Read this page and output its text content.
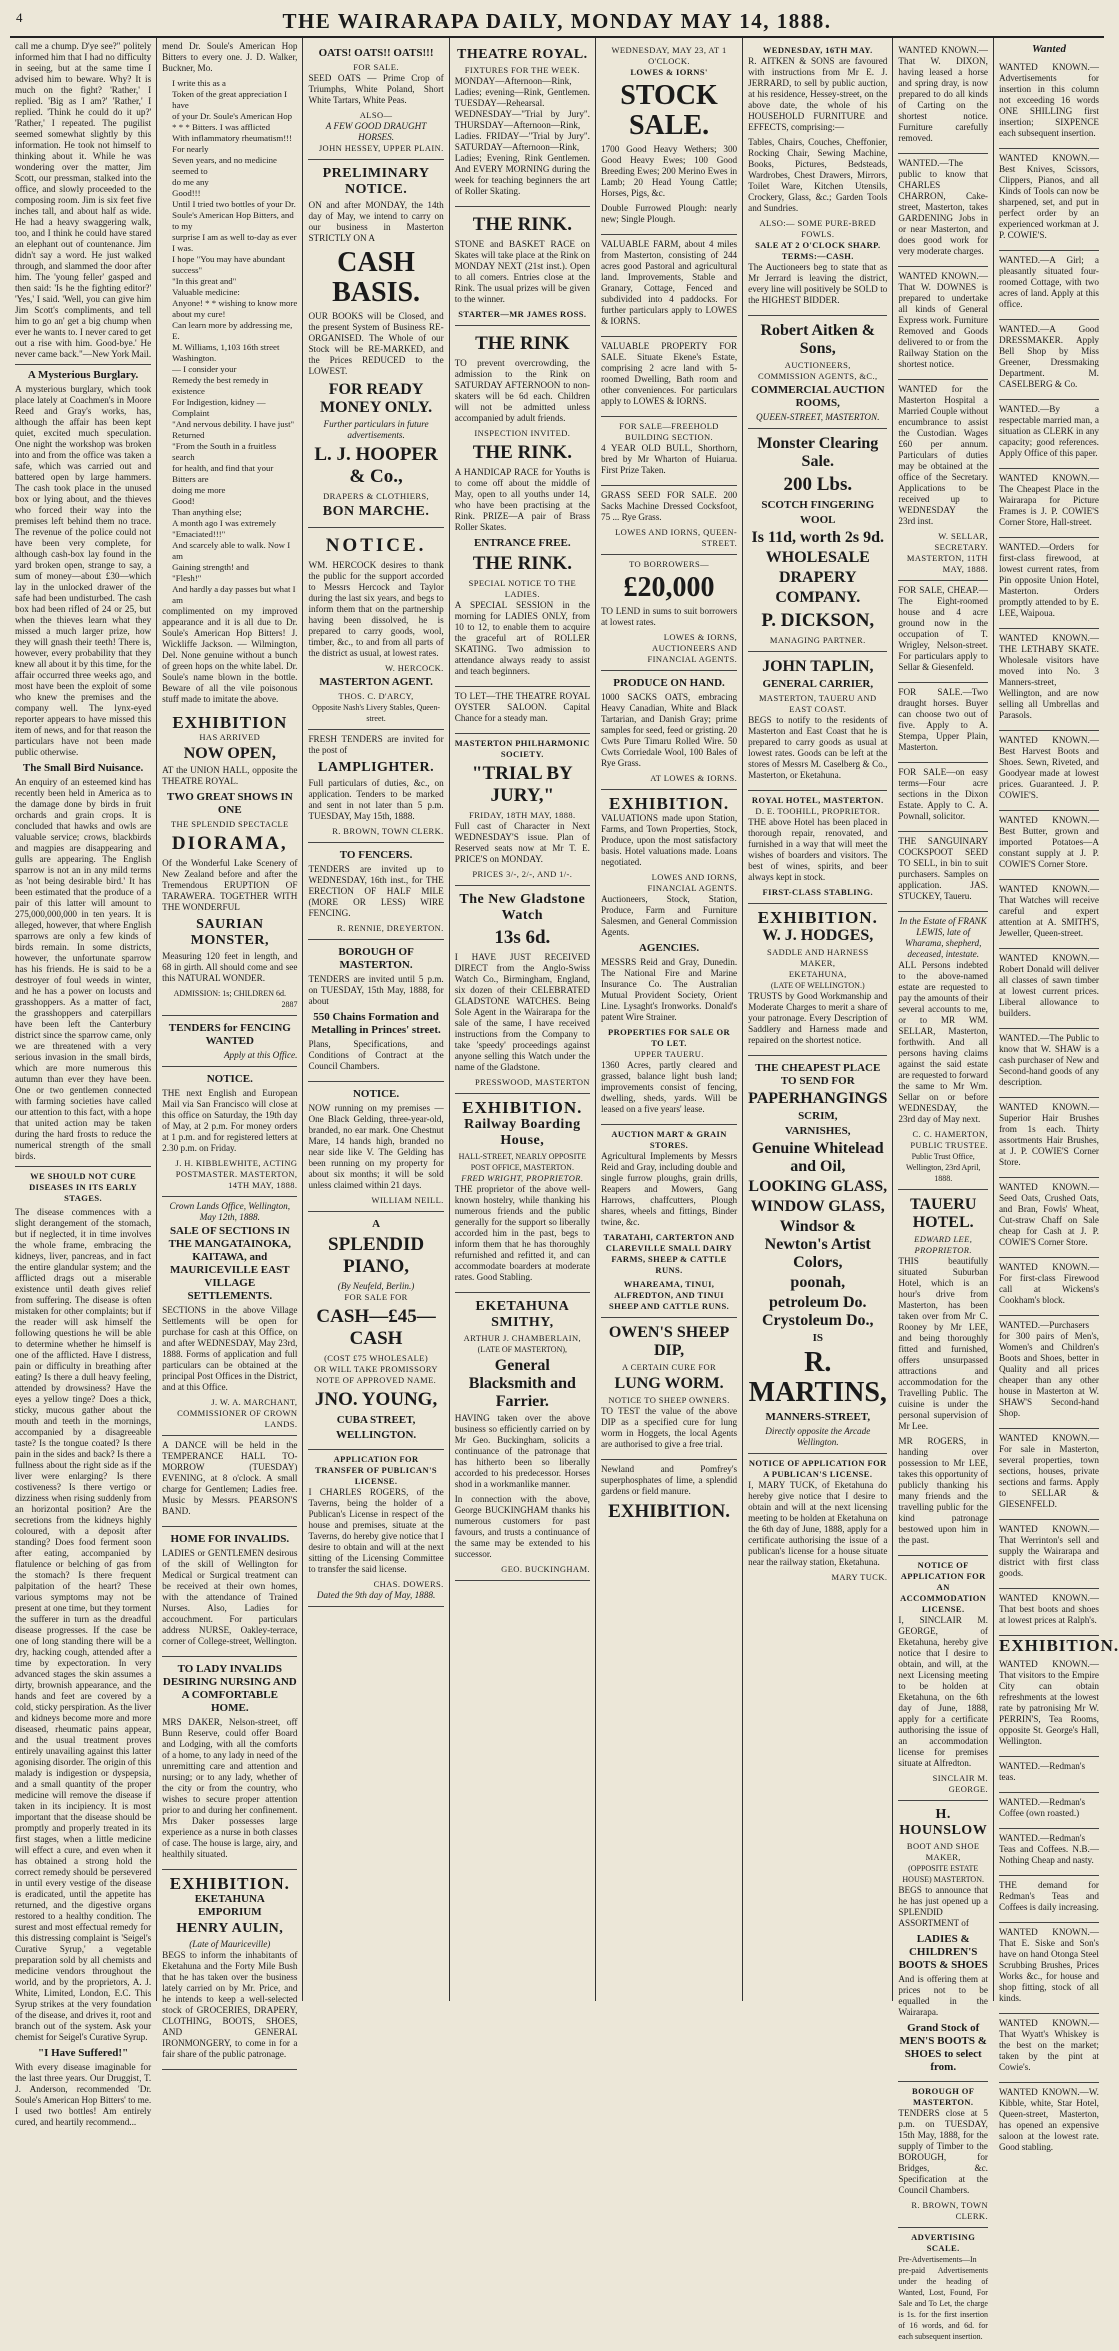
4	THE WAIRARAPA DAILY, MONDAY MAY 14, 1888.

call me a chump. D'ye see?" politely informed him that I had no difficulty in seeing, but at the same time I advised him to beware. Why? It is much on the fight? 'Rather,' I replied. 'Big as I am?' 'Rather,' I replied. 'Think he could do it up?' 'Rather,' I repeated. The pugilist seemed somewhat slightly by this information. He took not himself to thinking about it. While he was wondering over the matter, Jim Scott, our pressman, stalked into the office, and slowly proceeded to the composing room. Jim is six feet five inches tall, and about half as wide. He had a heavy swaggering walk, too, and I think he could have stared an elephant out of countenance. Jim didn't say a word. He just walked through, and slammed the door after him. The 'young feller' gasped and then said: 'Is he the fighting editor?' 'Yes,' I said. 'Well, you can give him Jim Scott's compliments, and tell him to go an' get a big chump when ever he wants to. I never cared to get out a rise with him. Good-bye.' He never came back."—New York Mail.

A Mysterious Burglary.

A mysterious burglary, which took place lately at Coachmen's in Moore Reed and Gray's works, has, although the affair has been kept quiet, excited much speculation. One night the workshop was broken into and from the office was taken a safe, which was carried out and battered open by large hammers. The cash took place in the unused box or lying about, and the thieves who forced their way into the premises left behind them no trace. The revenue of the police could not have been very complete, for although cash-box lay found in the yard broken open, strange to say, a sum of money—about £30—which lay in the unlocked drawer of the safe had been undisturbed. The cash box had been rifled of 24 or 25, but when the thieves learn what they missed a much larger prize, how they will gnash their teeth! There is, however, every probability that they knew all about it by this time, for the affair occurred three weeks ago, and most have been the exploit of some who knew the premises and the company well. The lynx-eyed reporter appears to have missed this item of news, and for that reason the particulars have not been made public otherwise.

The Small Bird Nuisance.

An enquiry of an esteemed kind has recently been held in America as to the damage done by birds in fruit orchards and grain crops. It is concluded that hawks and owls are valuable service; crows, blackbirds and magpies are disappearing and gulls are appearing. The English sparrow is not an in any mild terms as 'not being desirable bird.' It has been estimated that the produce of a pair of this latter will amount to 275,000,000,000 in ten years. It is alleged, however, that where English sparrows are only a few kinds of birds remain. In some districts, however, the unfortunate sparrow has his friends. He is said to be a destroyer of foul weeds in winter, and he has a power on locusts and grasshoppers. As a matter of fact, the grasshoppers and caterpillars have been left the Canterbury district since the sparrow came, only we are threatened with a very serious invasion in the small birds, which are more numerous this autumn than ever they have been. One or two gentlemen connected with farming societies have called our attention to this fact, with a hope that united action may be taken during the hard frosts to reduce the numerical strength of the small birds.

WE SHOULD NOT CURE DISEASES IN ITS EARLY STAGES.

The disease commences with a slight derangement of the stomach, but if neglected, it in time involves the whole frame, embracing the kidneys, liver, pancreas, and in fact the entire glandular system; and the afflicted drags out a miserable existence until death gives relief from suffering. The disease is often mistaken for other complaints; but if the reader will ask himself the following questions he will be able to determine whether he himself is one of the afflicted. Have I distress, pain or difficulty in breathing after eating? Is there a dull heavy feeling, attended by drowsiness? Have the eyes a yellow tinge? Does a thick, sticky, mucous gather about the mouth and teeth in the mornings, accompanied by a disagreeable taste? Is the tongue coated? Is there pain in the sides and back? Is there a fullness about the right side as if the liver were enlarging? Is there costiveness? Is there vertigo or dizziness when rising suddenly from an horizontal position? Are the secretions from the kidneys highly coloured, with a deposit after standing? Does food ferment soon after eating, accompanied by flatulence or belching of gas from the stomach? Is there frequent palpitation of the heart? These various symptoms may not be present at one time, but they torment the sufferer in turn as the dreadful disease progresses. If the case be one of long standing there will be a dry, hacking cough, attended after a time by expectoration. In very advanced stages the skin assumes a dirty, brownish appearance, and the hands and feet are covered by a cold, sticky perspiration. As the liver and kidneys become more and more diseased, rheumatic pains appear, and the usual treatment proves entirely unavailing against this latter agonising disorder. The origin of this malady is indigestion or dyspepsia, and a small quantity of the proper medicine will remove the disease if taken in its incipiency. It is most important that the disease should be promptly and properly treated in its first stages, when a little medicine will effect a cure, and even when it has obtained a strong hold the correct remedy should be persevered in until every vestige of the disease is eradicated, until the appetite has returned, and the digestive organs restored to a healthy condition. The surest and most effectual remedy for this distressing complaint is 'Seigel's Curative Syrup,' a vegetable preparation sold by all chemists and medicine vendors throughout the world, and by the proprietors, A. J. White, Limited, London, E.C. This Syrup strikes at the very foundation of the disease, and drives it, root and branch out of the system. Ask your chemist for Seigel's Curative Syrup.

"I Have Suffered!"

With every disease imaginable for the last three years. Our Druggist, T. J. Anderson, recommended 'Dr. Soule's American Hop Bitters' to me. I used two bottles! Am entirely cured, and heartily recommend...

mend Dr. Soule's American Hop Bitters to every one. J. D. Walker, Buckner, Mo.

I write this as a
Token of the great appreciation I have
of your Dr. Soule's American Hop
* * * Bitters. I was afflicted
With inflammatory rheumatism!!!
For nearly
Seven years, and no medicine seemed to
do me any
Good!!!
Until I tried two bottles of your Dr.
Soule's American Hop Bitters, and to my
surprise I am as well to-day as ever I was.
I hope "You may have abundant success"
"In this great and"
Valuable medicine:
Anyone! * * wishing to know more
about my cure!
Can learn more by addressing me, E.
M. Williams, 1,103 16th street Washington.
— I consider your
Remedy the best remedy in existence
For Indigestion, kidney — Complaint
"And nervous debility. I have just"
Returned
"From the South in a fruitless search
for health, and find that your Bitters are
doing me more
Good!
Than anything else;
A month ago I was extremely
"Emaciated!!!"
And scarcely able to walk. Now I am
Gaining strength! and
"Flesh!"
And hardly a day passes but what I am

complimented on my improved appearance and it is all due to Dr. Soule's American Hop Bitters! J. Wickliffe Jackson. — Wilmington, Del. None genuine without a bunch of green hops on the white label. Dr. Soule's name blown in the bottle. Beware of all the vile poisonous stuff made to imitate the above.

EXHIBITION
HAS ARRIVED
NOW OPEN,

AT the UNION HALL, opposite the THEATRE ROYAL.

TWO GREAT SHOWS IN ONE
THE SPLENDID SPECTACLE
DIORAMA,

Of the Wonderful Lake Scenery of New Zealand before and after the Tremendous ERUPTION OF TARAWERA. TOGETHER WITH THE WONDERFUL

SAURIAN MONSTER,

Measuring 120 feet in length, and 68 in girth. All should come and see this NATURAL WONDER.

ADMISSION: 1s; CHILDREN 6d.
2887
TENDERS for FENCING WANTED
Apply at this Office.
NOTICE.

THE next English and European Mail via San Francisco will close at this office on Saturday, the 19th day of May, at 2 p.m. For money orders at 1 p.m. and for registered letters at 2.30 p.m. on Friday.

J. H. KIBBLEWHITE, ACTING POSTMASTER. MASTERTON, 14TH MAY, 1888.
Crown Lands Office, Wellington, May 12th, 1888.
SALE OF SECTIONS IN THE MANGATAINOKA, KAITAWA, and MAURICEVILLE EAST VILLAGE SETTLEMENTS.

SECTIONS in the above Village Settlements will be open for purchase for cash at this Office, on and after WEDNESDAY, May 23rd, 1888. Forms of application and full particulars can be obtained at the principal Post Offices in the District, and at this Office.

J. W. A. MARCHANT, COMMISSIONER OF CROWN LANDS.

A DANCE will be held in the TEMPERANCE HALL TO-MORROW (TUESDAY) EVENING, at 8 o'clock. A small charge for Gentlemen; Ladies free. Music by Messrs. PEARSON'S BAND.

HOME FOR INVALIDS.

LADIES or GENTLEMEN desirous of the skill of Wellington for Medical or Surgical treatment can be received at their own homes, with the attendance of Trained Nurses. Also, Ladies for accouchment. For particulars address NURSE, Oakley-terrace, corner of College-street, Wellington.

TO LADY INVALIDS DESIRING NURSING AND A COMFORTABLE HOME.

MRS DAKER, Nelson-street, off Bunn Reserve, could offer Board and Lodging, with all the comforts of a home, to any lady in need of the unremitting care and attention and nursing; or to any lady, whether of the city or from the country, who wishes to secure proper attention prior to and during her confinement. Mrs Daker possesses large experience as a nurse in both classes of case. The house is large, airy, and healthily situated.

EXHIBITION.
EKETAHUNA EMPORIUM
HENRY AULIN,
(Late of Mauriceville)

BEGS to inform the inhabitants of Eketahuna and the Forty Mile Bush that he has taken over the business lately carried on by Mr. Price, and he intends to keep a well-selected stock of GROCERIES, DRAPERY, CLOTHING, BOOTS, SHOES, AND GENERAL IRONMONGERY, to come in for a fair share of the public patronage.

OATS! OATS!! OATS!!!
FOR SALE.

SEED OATS — Prime Crop of Triumphs, White Poland, Short White Tartars, White Peas.

ALSO—
A FEW GOOD DRAUGHT HORSES.
JOHN HESSEY, UPPER PLAIN.
PRELIMINARY NOTICE.

ON and after MONDAY, the 14th day of May, we intend to carry on our business in Masterton STRICTLY ON A

CASH BASIS.

OUR BOOKS will be Closed, and the present System of Business RE-ORGANISED. The Whole of our Stock will be RE-MARKED, and the Prices REDUCED to the LOWEST.

FOR READY MONEY ONLY.
Further particulars in future advertisements.
L. J. HOOPER & Co.,
DRAPERS & CLOTHIERS,
BON MARCHE.
NOTICE.

WM. HERCOCK desires to thank the public for the support accorded to Messrs Hercock and Taylor during the last six years, and begs to inform them that on the partnership having been dissolved, he is prepared to carry goods, wool, timber, &c., to and from all parts of the district as usual, at lowest rates.

W. HERCOCK.
MASTERTON AGENT.
THOS. C. D'ARCY,
Opposite Nash's Livery Stables, Queen-street.

FRESH TENDERS are invited for the post of

LAMPLIGHTER.

Full particulars of duties, &c., on application. Tenders to be marked and sent in not later than 5 p.m. TUESDAY, May 15th, 1888.

R. BROWN, TOWN CLERK.
TO FENCERS.

TENDERS are invited up to WEDNESDAY, 16th inst., for THE ERECTION OF HALF MILE (MORE OR LESS) WIRE FENCING.

R. RENNIE, DREYERTON.
BOROUGH OF MASTERTON.

TENDERS are invited until 5 p.m. on TUESDAY, 15th May, 1888, for about

550 Chains Formation and Metalling in Princes' street.

Plans, Specifications, and Conditions of Contract at the Council Chambers.

NOTICE.

NOW running on my premises — One Black Gelding, three-year-old, branded, no ear mark. One Chestnut Mare, 14 hands high, branded no near side like V. The Gelding has been running on my property for about six months; it will be sold unless claimed within 21 days.

WILLIAM NEILL.
A
SPLENDID PIANO,
(By Neufeld, Berlin.)
FOR SALE FOR
CASH—£45—CASH
(COST £75 WHOLESALE)
OR WILL TAKE PROMISSORY NOTE OF APPROVED NAME.
JNO. YOUNG,
CUBA STREET,
WELLINGTON.
APPLICATION FOR TRANSFER OF PUBLICAN'S LICENSE.

I CHARLES ROGERS, of the Taverns, being the holder of a Publican's License in respect of the house and premises, situate at the Taverns, do hereby give notice that I desire to obtain and will at the next sitting of the Licensing Committee to transfer the said license.

CHAS. DOWERS.
Dated the 9th day of May, 1888.
THEATRE ROYAL.
FIXTURES FOR THE WEEK.

MONDAY—Afternoon—Rink, Ladies; evening—Rink, Gentlemen. TUESDAY—Rehearsal. WEDNESDAY—"Trial by Jury". THURSDAY—Afternoon—Rink, Ladies. FRIDAY—"Trial by Jury". SATURDAY—Afternoon—Rink, Ladies; Evening, Rink Gentlemen. And EVERY MORNING during the week for teaching beginners the art of Roller Skating.

THE RINK.

STONE and BASKET RACE on Skates will take place at the Rink on MONDAY NEXT (21st inst.). Open to all comers. Entries close at the Rink. The usual prizes will be given to the winner.

STARTER—MR JAMES ROSS.
THE RINK

TO prevent overcrowding, the admission to the Rink on SATURDAY AFTERNOON to non-skaters will be 6d each. Children will not be admitted unless accompanied by adult friends.

INSPECTION INVITED.
THE RINK.

A HANDICAP RACE for Youths is to come off about the middle of May, open to all youths under 14, who have been practising at the Rink. PRIZE—A pair of Brass Roller Skates.

ENTRANCE FREE.
THE RINK.
SPECIAL NOTICE TO THE LADIES.

A SPECIAL SESSION in the morning for LADIES ONLY, from 10 to 12, to enable them to acquire the graceful art of ROLLER SKATING. Two admission to attendance always ready to assist and teach beginners.

TO LET—THE THEATRE ROYAL OYSTER SALOON. Capital Chance for a steady man.

MASTERTON PHILHARMONIC SOCIETY.
"TRIAL BY JURY,"
FRIDAY, 18TH MAY, 1888.

Full cast of Character in Next WEDNESDAY'S issue. Plan of Reserved seats now at Mr T. E. PRICE'S on MONDAY.

PRICES 3/-, 2/-, AND 1/-.
The New Gladstone Watch
13s 6d.

I HAVE JUST RECEIVED DIRECT from the Anglo-Swiss Watch Co., Birmingham, England, six dozen of their CELEBRATED GLADSTONE WATCHES. Being Sole Agent in the Wairarapa for the sale of the same, I have received instructions from the Company to take 'speedy' proceedings against anyone selling this Watch under the name of the Gladstone.

PRESSWOOD, MASTERTON
EXHIBITION.
Railway Boarding House,
HALL-STREET, NEARLY OPPOSITE POST OFFICE, MASTERTON.
FRED WRIGHT, PROPRIETOR.

THE proprietor of the above well-known hostelry, while thanking his numerous friends and the public generally for the support so liberally accorded him in the past, begs to inform them that he has thoroughly refurnished and refitted it, and can accommodate boarders at moderate rates. Good Stabling.

EKETAHUNA SMITHY,
ARTHUR J. CHAMBERLAIN,
(LATE OF MASTERTON),
General Blacksmith and Farrier.

HAVING taken over the above business so efficiently carried on by Mr Geo. Buckingham, solicits a continuance of the patronage that has hitherto been so liberally accorded to his predecessor. Horses shod in a workmanlike manner.

In connection with the above, George BUCKINGHAM thanks his numerous customers for past favours, and trusts a continuance of the same may be extended to his successor.

GEO. BUCKINGHAM.
WEDNESDAY, MAY 23, AT 1 O'CLOCK.
LOWES & IORNS'
STOCK SALE.

1700 Good Heavy Wethers; 300 Good Heavy Ewes; 100 Good Breeding Ewes; 200 Merino Ewes in Lamb; 20 Head Young Cattle; Horses, Pigs, &c.

Double Furrowed Plough: nearly new; Single Plough.

VALUABLE FARM, about 4 miles from Masterton, consisting of 244 acres good Pastoral and agricultural land. Improvements, Stable and Granary, Cottage, Fenced and subdivided into 4 paddocks. For further particulars apply to LOWES & IORNS.

VALUABLE PROPERTY FOR SALE. Situate Ekene's Estate, comprising 2 acre land with 5-roomed Dwelling, Bath room and other conveniences. For particulars apply to LOWES & IORNS.

FOR SALE—FREEHOLD BUILDING SECTION.

4 YEAR OLD BULL, Shorthorn, bred by Mr Wharton of Huiarua. First Prize Taken.

GRASS SEED FOR SALE. 200 Sacks Machine Dressed Cocksfoot, 75 ... Rye Grass.

LOWES AND IORNS, QUEEN-STREET.
TO BORROWERS—
£20,000

TO LEND in sums to suit borrowers at lowest rates.

LOWES & IORNS, AUCTIONEERS AND FINANCIAL AGENTS.
PRODUCE ON HAND.

1000 SACKS OATS, embracing Heavy Canadian, White and Black Tartarian, and Danish Gray; prime samples for seed, feed or gristing. 20 Cwts Pure Timaru Rolled Wire. 50 Cwts Corriedale Wool, 100 Bales of Rye Grass.

AT LOWES & IORNS.
EXHIBITION.

VALUATIONS made upon Station, Farms, and Town Properties, Stock, Produce, upon the most satisfactory basis. Hotel valuations made. Loans negotiated.

LOWES AND IORNS, FINANCIAL AGENTS.

Auctioneers, Stock, Station, Produce, Farm and Furniture Salesmen, and General Commission Agents.

AGENCIES.

MESSRS Reid and Gray, Dunedin. The National Fire and Marine Insurance Co. The Australian Mutual Provident Society, Orient Line. Lysaght's Ironworks. Donald's patent Wire Strainer.

PROPERTIES FOR SALE OR TO LET.
UPPER TAUERU.

1360 Acres, partly cleared and grassed, balance light bush land; improvements consist of fencing, dwelling, sheds, yards. Will be leased on a five years' lease.

AUCTION MART & GRAIN STORES.

Agricultural Implements by Messrs Reid and Gray, including double and single furrow ploughs, grain drills, Reapers and Mowers, Gang Harrows, chaffcutters, Plough shares, wheels and fittings, Binder twine, &c.

TARATAHI, CARTERTON AND CLAREVILLE SMALL DAIRY FARMS, SHEEP & CATTLE RUNS.
WHAREAMA, TINUI, ALFREDTON, AND TINUI SHEEP AND CATTLE RUNS.
OWEN'S SHEEP DIP,
A CERTAIN CURE FOR
LUNG WORM.
NOTICE TO SHEEP OWNERS.

TO TEST the value of the above DIP as a specified cure for lung worm in Hoggets, the local Agents are authorised to give a free trial.

Newland and Pomfrey's superphosphates of lime, a splendid gardens or field manure.

EXHIBITION.
WEDNESDAY, 16TH MAY.

R. AITKEN & SONS are favoured with instructions from Mr E. J. JERRARD, to sell by public auction, at his residence, Hessey-street, on the above date, the whole of his HOUSEHOLD FURNITURE and EFFECTS, comprising:—

Tables, Chairs, Couches, Cheffonier, Rocking Chair, Sewing Machine, Books, Pictures, Bedsteads, Wardrobes, Chest Drawers, Mirrors, Toilet Ware, Kitchen Utensils, Crockery, Glass, &c.; Garden Tools and Sundries.

ALSO:— SOME PURE-BRED FOWLS.
SALE AT 2 O'CLOCK SHARP. TERMS:—CASH.

The Auctioneers beg to state that as Mr Jerrard is leaving the district, every line will positively be SOLD to the HIGHEST BIDDER.

Robert Aitken & Sons,
AUCTIONEERS,
COMMISSION AGENTS, &C.,
COMMERCIAL AUCTION ROOMS,
QUEEN-STREET, MASTERTON.
Monster Clearing Sale.
200 Lbs.
SCOTCH FINGERING
WOOL
Is 11d, worth 2s 9d.
WHOLESALE
DRAPERY
COMPANY.
P. DICKSON,
MANAGING PARTNER.
JOHN TAPLIN,
GENERAL CARRIER,
MASTERTON, TAUERU AND EAST COAST.

BEGS to notify to the residents of Masterton and East Coast that he is prepared to carry goods as usual at lowest rates. Goods can be left at the stores of Messrs M. Caselberg & Co., Masterton, or Eketahuna.

ROYAL HOTEL, MASTERTON.
D. E. TOOHILL, PROPRIETOR.

THE above Hotel has been placed in thorough repair, renovated, and furnished in a way that will meet the wishes of boarders and visitors. The best of wines, spirits, and beer always kept in stock.

FIRST-CLASS STABLING.
EXHIBITION.
W. J. HODGES,
SADDLE AND HARNESS MAKER,
EKETAHUNA,
(LATE OF WELLINGTON.)

TRUSTS by Good Workmanship and Moderate Charges to merit a share of your patronage. Every Description of Saddlery and Harness made and repaired on the shortest notice.

THE CHEAPEST PLACE TO SEND FOR
PAPERHANGINGS
SCRIM,
VARNISHES,
Genuine Whitelead and Oil,
LOOKING GLASS,
WINDOW GLASS,
Windsor & Newton's Artist Colors,
poonah,
petroleum Do. Crystoleum Do.,
IS
R. MARTINS,
MANNERS-STREET,
Directly opposite the Arcade Wellington.
NOTICE OF APPLICATION FOR A PUBLICAN'S LICENSE.

I, MARY TUCK, of Eketahuna do hereby give notice that I desire to obtain and will at the next licensing meeting to be holden at Eketahuna on the 6th day of June, 1888, apply for a certificate authorising the issue of a publican's license for a house situate near the railway station, Eketahuna.

MARY TUCK.

WANTED KNOWN.—That W. DIXON, having leased a horse and spring dray, is now prepared to do all kinds of Carting on the shortest notice. Furniture carefully removed.

WANTED.—The public to know that CHARLES CHARRON, Cake-street, Masterton, takes GARDENING Jobs in or near Masterton, and does good work for very moderate charges.

WANTED KNOWN.—That W. DOWNES is prepared to undertake all kinds of General Express work. Furniture Removed and Goods delivered to or from the Railway Station on the shortest notice.

WANTED for the Masterton Hospital a Married Couple without encumbrance to assist the Custodian. Wages £60 per annum. Particulars of duties may be obtained at the office of the Secretary. Applications to be received up to WEDNESDAY the 23rd inst.

W. SELLAR, SECRETARY. MASTERTON, 11TH MAY, 1888.

FOR SALE, CHEAP.—The Eight-roomed house and 4 acre ground now in the occupation of T. Wrigley, Nelson-street. For particulars apply to Sellar & Giesenfeld.

FOR SALE.—Two draught horses. Buyer can choose two out of five. Apply to A. Stempa, Upper Plain, Masterton.

FOR SALE—on easy terms—Four acre sections in the Dixon Estate. Apply to C. A. Pownall, solicitor.

THE SANGUINARY COCKSPOOT SEED TO SELL, in bin to suit purchasers. Samples on application. JAS. STUCKEY, Taueru.

In the Estate of FRANK LEWIS, late of Wharama, shepherd, deceased, intestate.

ALL Persons indebted to the above-named estate are requested to pay the amounts of their several accounts to me, or to MR WM. SELLAR, Masterton, forthwith. And all persons having claims against the said estate are requested to forward the same to Mr Wm. Sellar on or before WEDNESDAY, the 23rd day of May next.

C. C. HAMERTON, PUBLIC TRUSTEE.
Public Trust Office, Wellington, 23rd April, 1888.
TAUERU HOTEL.
EDWARD LEE, PROPRIETOR.

THIS beautifully situated Suburban Hotel, which is an hour's drive from Masterton, has been taken over from Mr C. Rooney by Mr LEE, and being thoroughly fitted and furnished, offers unsurpassed attractions and accommodation for the Travelling Public. The cuisine is under the personal supervision of Mr Lee.

MR ROGERS, in handing over possession to Mr LEE, takes this opportunity of publicly thanking his many friends and the travelling public for the kind patronage bestowed upon him in the past.

NOTICE OF APPLICATION FOR AN ACCOMMODATION LICENSE.

I, SINCLAIR M. GEORGE, of Eketahuna, hereby give notice that I desire to obtain, and will, at the next Licensing meeting to be holden at Eketahuna, on the 6th day of June, 1888, apply for a certificate authorising the issue of an accommodation license for premises situate at Alfredton.

SINCLAIR M. GEORGE.
H. HOUNSLOW
BOOT AND SHOE MAKER,
(OPPOSITE ESTATE HOUSE) MASTERTON.

BEGS to announce that he has just opened up a SPLENDID ASSORTMENT of

LADIES & CHILDREN'S BOOTS & SHOES

And is offering them at prices not to be equalled in the Wairarapa.

Grand Stock of MEN'S BOOTS & SHOES to select from.
BOROUGH OF MASTERTON.

TENDERS close at 5 p.m. on TUESDAY, 15th May, 1888, for the supply of Timber to the BOROUGH, for Bridges, &c. Specification at the Council Chambers.

R. BROWN, TOWN CLERK.
ADVERTISING SCALE.

Pre-Advertisements—In pre-paid Advertisements under the heading of Wanted, Lost, Found, For Sale and To Let, the charge is 1s. for the first insertion of 16 words, and 6d. for each subsequent insertion.

Wanted

WANTED KNOWN.—Advertisements for insertion in this column not exceeding 16 words ONE SHILLING first insertion; SIXPENCE each subsequent insertion.

WANTED KNOWN.—Best Knives, Scissors, Clippers, Pianos, and all Kinds of Tools can now be sharpened, set, and put in perfect order by an experienced workman at J. P. COWIE'S.

WANTED.—A Girl; a pleasantly situated four-roomed Cottage, with two acres of land. Apply at this office.

WANTED.—A Good DRESSMAKER. Apply Bell Shop by Miss Greener, Dressmaking Department. M. CASELBERG & Co.

WANTED.—By a respectable married man, a situation as CLERK in any capacity; good references. Apply Office of this paper.

WANTED KNOWN.—The Cheapest Place in the Wairarapa for Picture Frames is J. P. COWIE'S Corner Store, Hall-street.

WANTED.—Orders for first-class firewood, at lowest current rates, from Pin opposite Union Hotel, Masterton. Orders promptly attended to by E. LEE, Waipoua.

WANTED KNOWN.—THE LETHABY SKATE. Wholesale visitors have moved into No. 3 Manners-street, Wellington, and are now selling all Umbrellas and Parasols.

WANTED KNOWN.—Best Harvest Boots and Shoes. Sewn, Riveted, and Goodyear made at lowest prices. Guaranteed. J. P. COWIE'S.

WANTED KNOWN.—Best Butter, grown and imported Potatoes—A constant supply at J. P. COWIE'S Corner Store.

WANTED KNOWN.—That Watches will receive careful and expert attention at A. SMITH'S, Jeweller, Queen-street.

WANTED KNOWN.—Robert Donald will deliver all classes of sawn timber at lowest current prices. Liberal allowance to builders.

WANTED.—The Public to know that W. SHAW is a cash purchaser of New and Second-hand goods of any description.

WANTED KNOWN.—Superior Hair Brushes from 1s each. Thirty assortments Hair Brushes, at J. P. COWIE'S Corner Store.

WANTED KNOWN.—Seed Oats, Crushed Oats, and Bran, Fowls' Wheat, Cut-straw Chaff on Sale cheap for Cash at J. P. COWIE'S Corner Store.

WANTED KNOWN.—For first-class Firewood call at Wickens's Cookham's block.

WANTED.—Purchasers for 300 pairs of Men's, Women's and Children's Boots and Shoes, better in Quality and all prices cheaper than any other house in Masterton at W. SHAW'S Second-hand Shop.

WANTED KNOWN.—For sale in Masterton, several properties, town sections, houses, private sections and farms. Apply to SELLAR & GIESENFELD.

WANTED KNOWN.—That Werrinton's sell and supply the Wairarapa and district with first class goods.

WANTED KNOWN.—That best boots and shoes at lowest prices at Ralph's.

EXHIBITION.

WANTED KNOWN.—That visitors to the Empire City can obtain refreshments at the lowest rate by patronising Mr W. PERRIN'S, Tea Rooms, opposite St. George's Hall, Wellington.

WANTED.—Redman's teas.

WANTED.—Redman's Coffee (own roasted.)

WANTED.—Redman's Teas and Coffees. N.B.—Nothing Cheap and nasty.

THE demand for Redman's Teas and Coffees is daily increasing.

WANTED KNOWN.—That E. Siske and Son's have on hand Otonga Steel Scrubbing Brushes, Prices Works &c., for house and shop fitting, stock of all kinds.

WANTED KNOWN.—That Wyatt's Whiskey is the best on the market; taken by the pint at Cowie's.

WANTED KNOWN.—W. Kibble, white, Star Hotel, Queen-street, Masterton, has opened an expensive saloon at the lowest rate. Good stabling.
